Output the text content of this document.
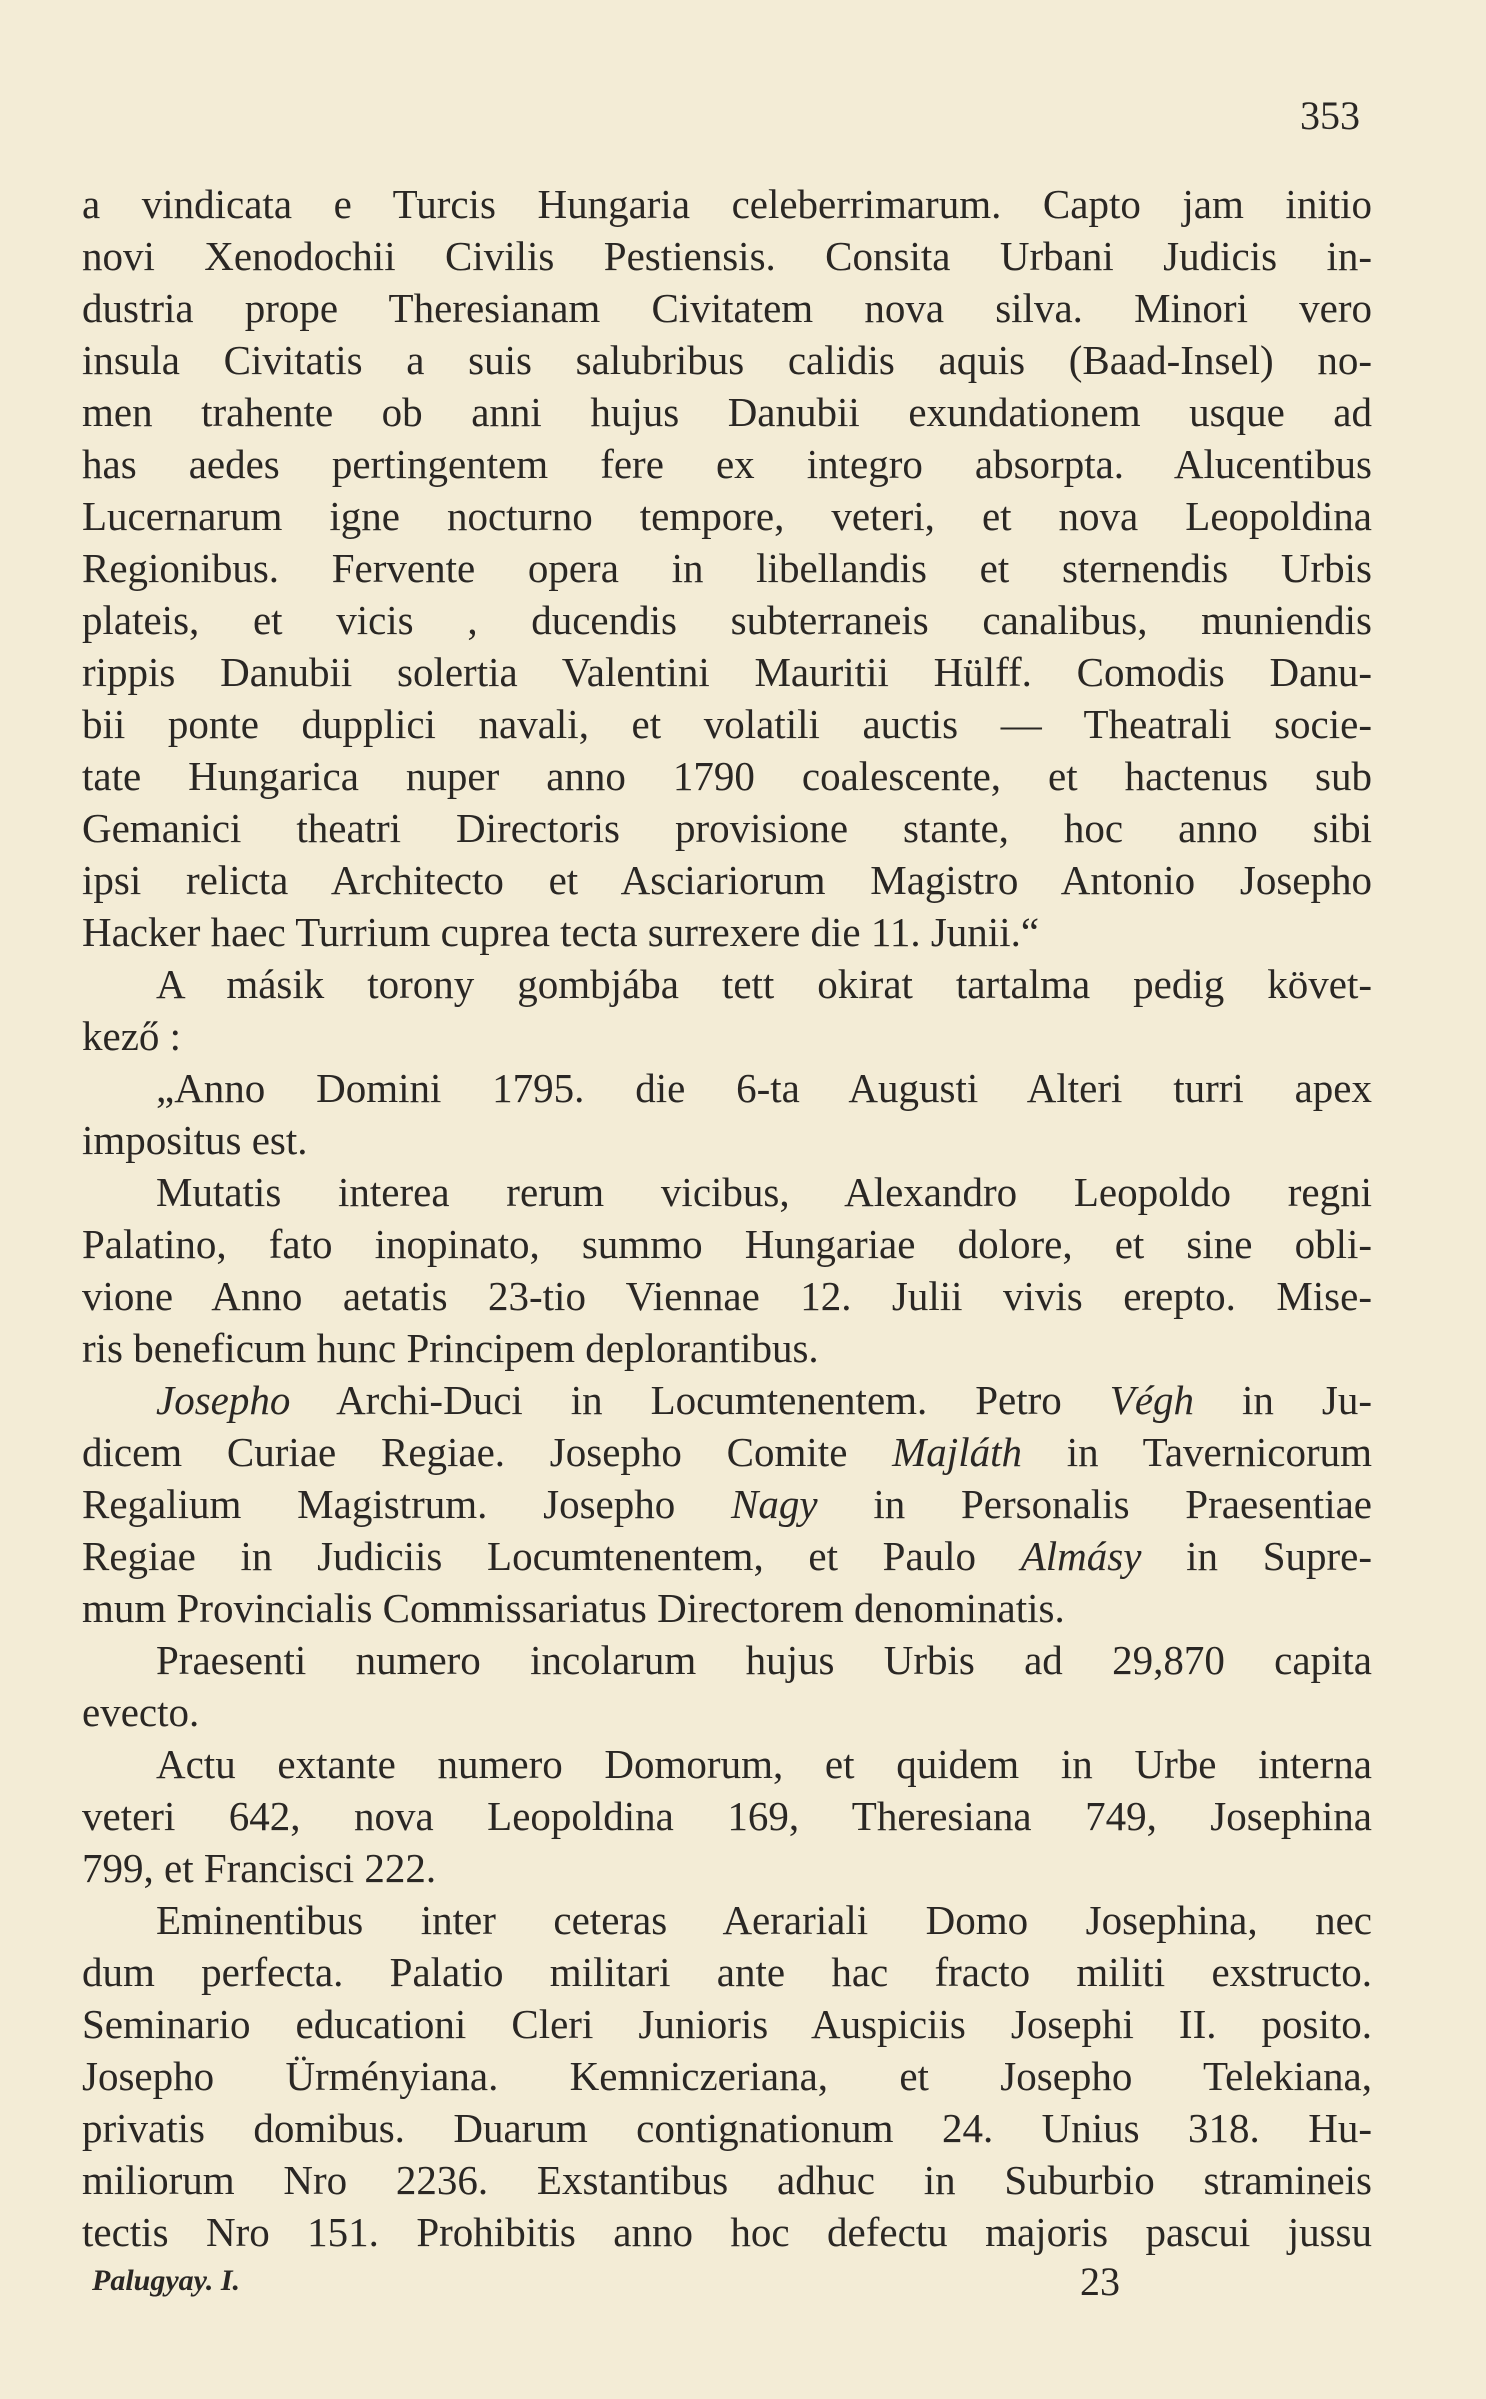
353
a vindicata e Turcis Hungaria celeberrimarum. Capto jam initio
novi Xenodochii Civilis Pestiensis. Consita Urbani Judicis in-
dustria prope Theresianam Civitatem nova silva. Minori vero
insula Civitatis a suis salubribus calidis aquis (Baad-Insel) no-
men trahente ob anni hujus Danubii exundationem usque ad
has aedes pertingentem fere ex integro absorpta. Alucentibus
Lucernarum igne nocturno tempore, veteri, et nova Leopoldina
Regionibus. Fervente opera in libellandis et sternendis Urbis
plateis, et vicis , ducendis subterraneis canalibus, muniendis
rippis Danubii solertia Valentini Mauritii Hülff. Comodis Danu-
bii ponte dupplici navali, et volatili auctis — Theatrali socie-
tate Hungarica nuper anno 1790 coalescente, et hactenus sub
Gemanici theatri Directoris provisione stante, hoc anno sibi
ipsi relicta Architecto et Asciariorum Magistro Antonio Josepho
Hacker haec Turrium cuprea tecta surrexere die 11. Junii.“
A másik torony gombjába tett okirat tartalma pedig követ-
kező :
„Anno Domini 1795. die 6-ta Augusti Alteri turri apex
impositus est.
Mutatis interea rerum vicibus, Alexandro Leopoldo regni
Palatino, fato inopinato, summo Hungariae dolore, et sine obli-
vione Anno aetatis 23-tio Viennae 12. Julii vivis erepto. Mise-
ris beneficum hunc Principem deplorantibus.
Josepho Archi-Duci in Locumtenentem. Petro Végh in Ju-
dicem Curiae Regiae. Josepho Comite Majláth in Tavernicorum
Regalium Magistrum. Josepho Nagy in Personalis Praesentiae
Regiae in Judiciis Locumtenentem, et Paulo Almásy in Supre-
mum Provincialis Commissariatus Directorem denominatis.
Praesenti numero incolarum hujus Urbis ad 29,870 capita
evecto.
Actu extante numero Domorum, et quidem in Urbe interna
veteri 642, nova Leopoldina 169, Theresiana 749, Josephina
799, et Francisci 222.
Eminentibus inter ceteras Aerariali Domo Josephina, nec
dum perfecta. Palatio militari ante hac fracto militi exstructo.
Seminario educationi Cleri Junioris Auspiciis Josephi II. posito.
Josepho Ürményiana. Kemniczeriana, et Josepho Telekiana,
privatis domibus. Duarum contignationum 24. Unius 318. Hu-
miliorum Nro 2236. Exstantibus adhuc in Suburbio stramineis
tectis Nro 151. Prohibitis anno hoc defectu majoris pascui jussu
Palugyay. I.	23
